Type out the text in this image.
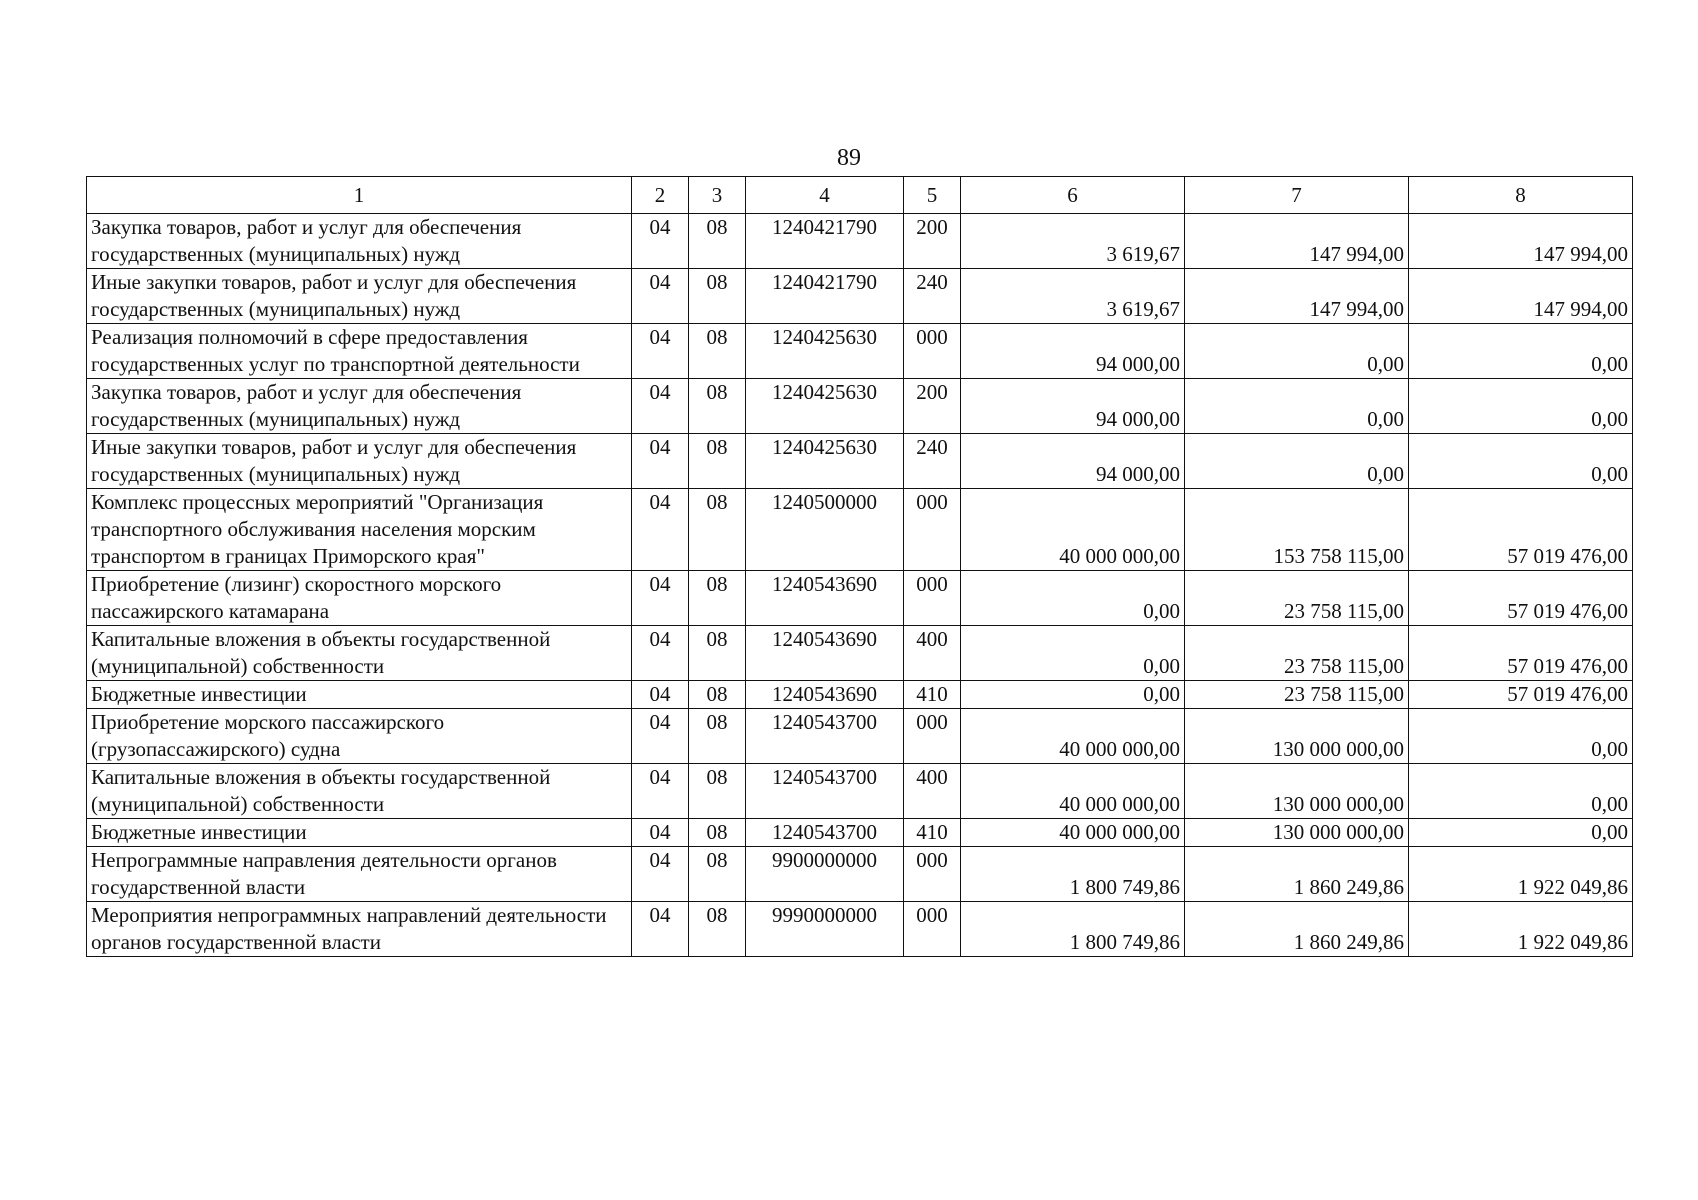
89
1	2	3	4	5	6	7	8
Закупка товаров, работ и услуг для обеспечения государственных (муниципальных) нужд	04	08	1240421790	200	3 619,67	147 994,00	147 994,00
Иные закупки товаров, работ и услуг для обеспечения государственных (муниципальных) нужд	04	08	1240421790	240	3 619,67	147 994,00	147 994,00
Реализация полномочий в сфере предоставления государственных услуг по транспортной деятельности	04	08	1240425630	000	94 000,00	0,00	0,00
Закупка товаров, работ и услуг для обеспечения государственных (муниципальных) нужд	04	08	1240425630	200	94 000,00	0,00	0,00
Иные закупки товаров, работ и услуг для обеспечения государственных (муниципальных) нужд	04	08	1240425630	240	94 000,00	0,00	0,00
Комплекс процессных мероприятий "Организация транспортного обслуживания населения морским транспортом в границах Приморского края"	04	08	1240500000	000	40 000 000,00	153 758 115,00	57 019 476,00
Приобретение (лизинг) скоростного морского пассажирского катамарана	04	08	1240543690	000	0,00	23 758 115,00	57 019 476,00
Капитальные вложения в объекты государственной (муниципальной) собственности	04	08	1240543690	400	0,00	23 758 115,00	57 019 476,00
Бюджетные инвестиции	04	08	1240543690	410	0,00	23 758 115,00	57 019 476,00
Приобретение морского пассажирского (грузопассажирского) судна	04	08	1240543700	000	40 000 000,00	130 000 000,00	0,00
Капитальные вложения в объекты государственной (муниципальной) собственности	04	08	1240543700	400	40 000 000,00	130 000 000,00	0,00
Бюджетные инвестиции	04	08	1240543700	410	40 000 000,00	130 000 000,00	0,00
Непрограммные направления деятельности органов государственной власти	04	08	9900000000	000	1 800 749,86	1 860 249,86	1 922 049,86
Мероприятия непрограммных направлений деятельности органов государственной власти	04	08	9990000000	000	1 800 749,86	1 860 249,86	1 922 049,86
